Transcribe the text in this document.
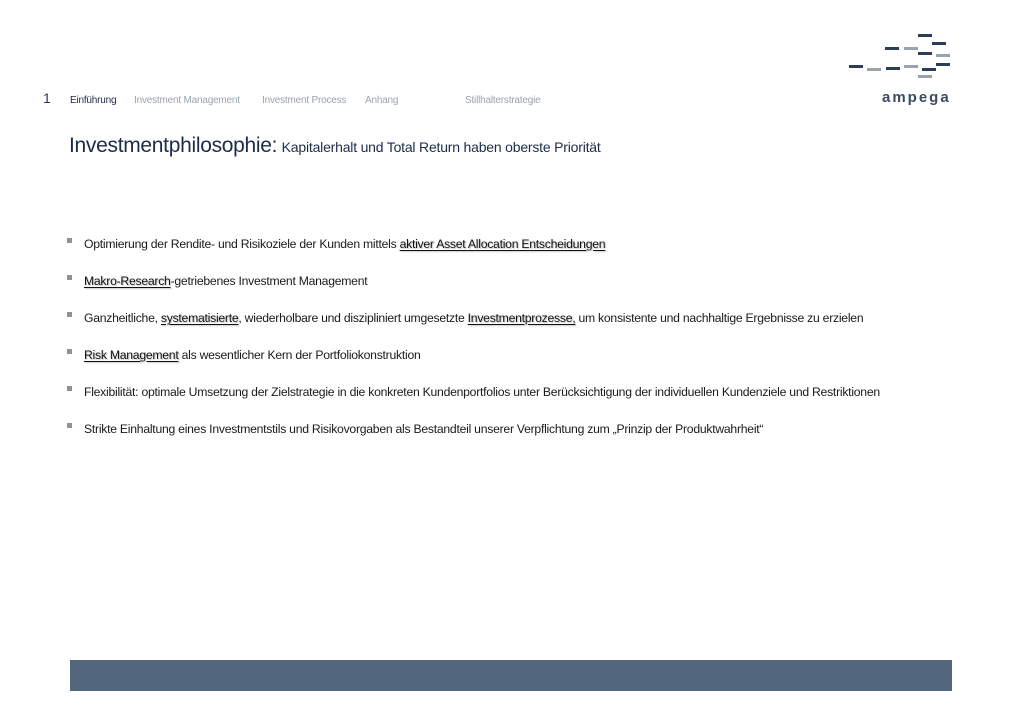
1 Einführung Investment Management Investment Process Anhang	Stillhalterstrategie	ampega
Investmentphilosophie: Kapitalerhalt und Total Return haben oberste Priorität
Optimierung der Rendite- und Risikoziele der Kunden mittels aktiver Asset Allocation Entscheidungen
Makro-Research-getriebenes Investment Management
Ganzheitliche, systematisierte, wiederholbare und diszipliniert umgesetzte Investmentprozesse, um konsistente und nachhaltige Ergebnisse zu erzielen
Risk Management als wesentlicher Kern der Portfoliokonstruktion
Flexibilität: optimale Umsetzung der Zielstrategie in die konkreten Kundenportfolios unter Berücksichtigung der individuellen Kundenziele und Restriktionen
Strikte Einhaltung eines Investmentstils und Risikovorgaben als Bestandteil unserer Verpflichtung zum „Prinzip der Produktwahrheit“
